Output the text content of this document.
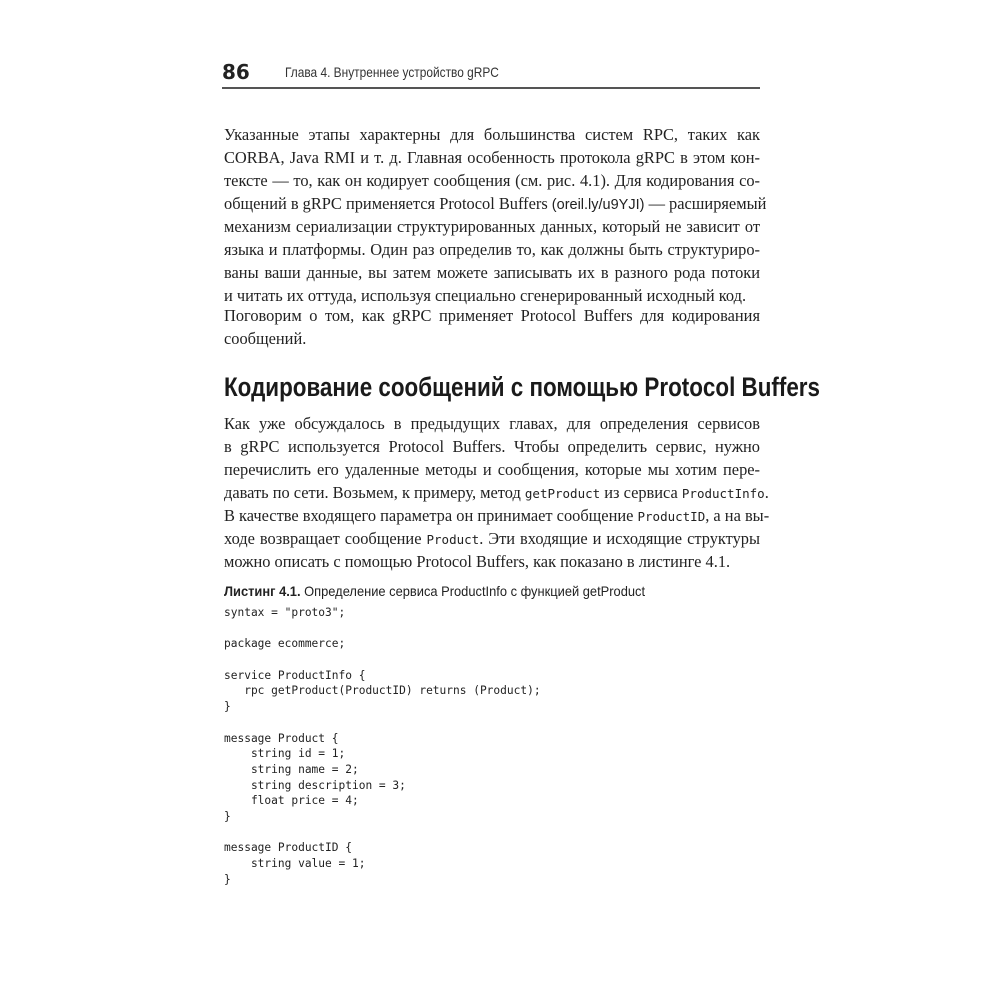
86	Глава 4. Внутреннее устройство gRPC
Указанные этапы характерны для большинства систем RPC, таких как
CORBA, Java RMI и т. д. Главная особенность протокола gRPC в этом кон-
тексте — то, как он кодирует сообщения (см. рис. 4.1). Для кодирования со-
общений в gRPC применяется Protocol Buffers (oreil.ly/u9YJI) — расширяемый
механизм сериализации структурированных данных, который не зависит от
языка и платформы. Один раз определив то, как должны быть структуриро-
ваны ваши данные, вы затем можете записывать их в разного рода потоки
и читать их оттуда, используя специально сгенерированный исходный код.
Поговорим о том, как gRPC применяет Protocol Buffers для кодирования
сообщений.
Кодирование сообщений с помощью Protocol Buffers
Как уже обсуждалось в предыдущих главах, для определения сервисов
в gRPC используется Protocol Buffers. Чтобы определить сервис, нужно
перечислить его удаленные методы и сообщения, которые мы хотим пере-
давать по сети. Возьмем, к примеру, метод getProduct из сервиса ProductInfo.
В качестве входящего параметра он принимает сообщение ProductID, а на вы-
ходе возвращает сообщение Product. Эти входящие и исходящие структуры
можно описать с помощью Protocol Buffers, как показано в листинге 4.1.
Листинг 4.1. Определение сервиса ProductInfo с функцией getProduct
syntax = "proto3";
package ecommerce;
service ProductInfo {
rpc getProduct(ProductID) returns (Product);
}
message Product {
string id = 1;
string name = 2;
string description = 3;
float price = 4;
}
message ProductID {
string value = 1;
}
